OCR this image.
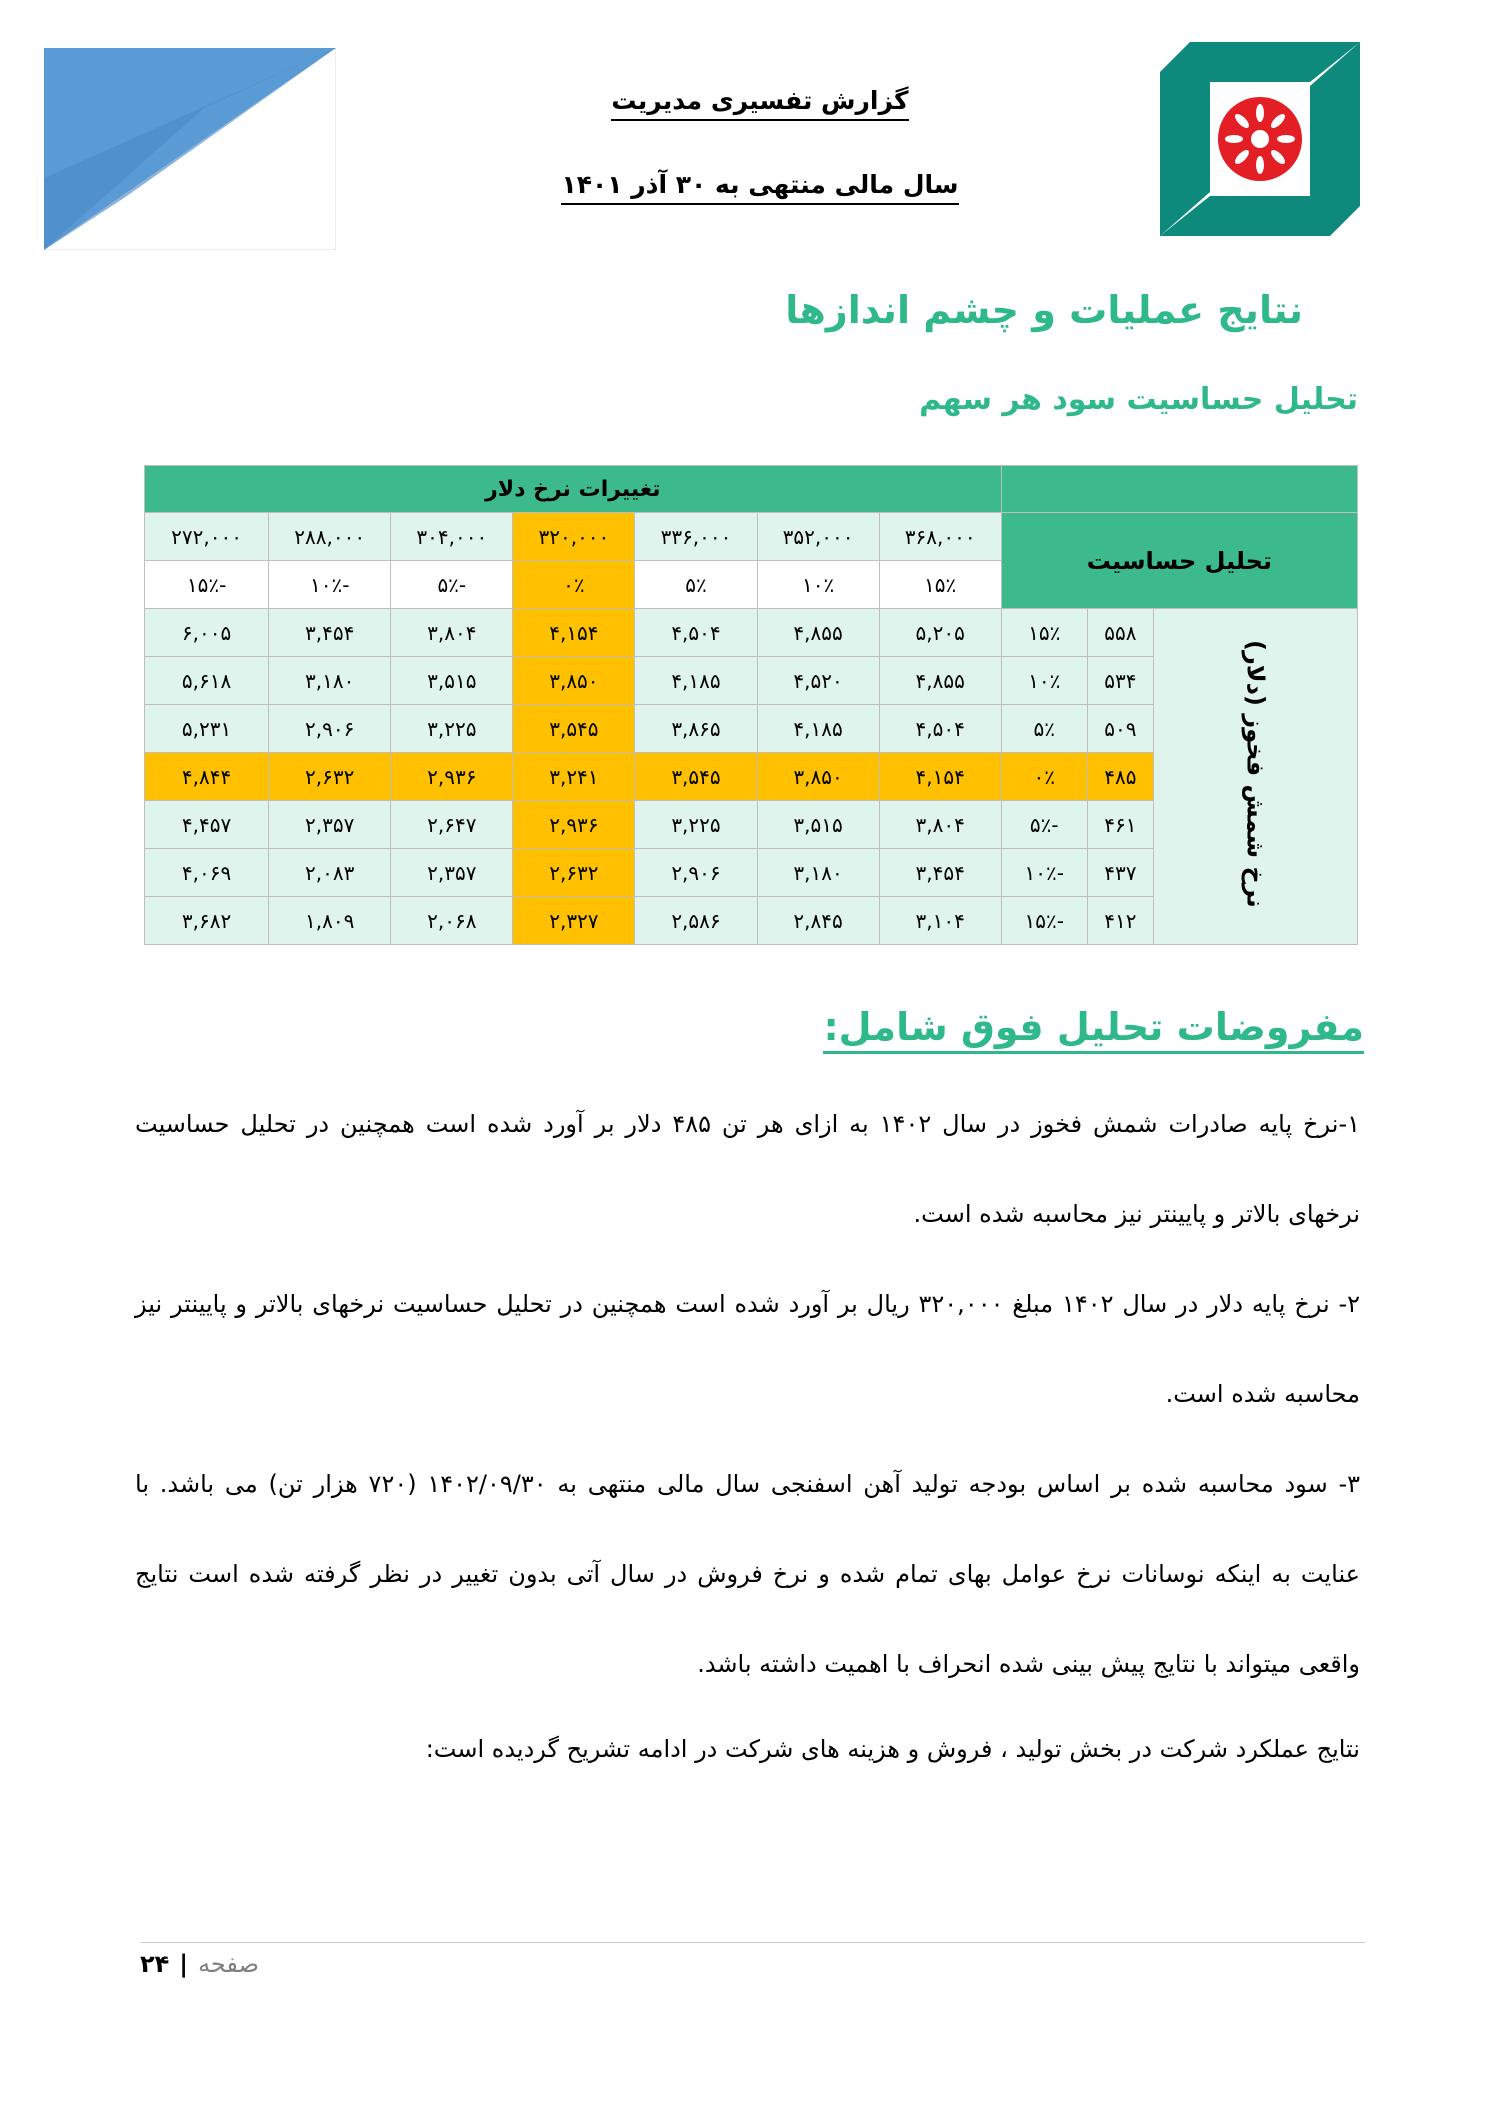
گزارش تفسیری مدیریت
سال مالی منتهی به ۳۰ آذر ۱۴۰۱
نتایج عملیات و چشم اندازها
تحلیل حساسیت سود هر سهم
			تغییرات نرخ دلار						
تحلیل حساسیت			۳۶۸,۰۰۰	۳۵۲,۰۰۰	۳۳۶,۰۰۰	۳۲۰,۰۰۰	۳۰۴,۰۰۰	۲۸۸,۰۰۰	۲۷۲,۰۰۰
			۱۵٪	۱۰٪	۵٪	۰٪	-۵٪	-۱۰٪	-۱۵٪
نرخ شمش فخوز (دلار)	۵۵۸	۱۵٪	۵,۲۰۵	۴,۸۵۵	۴,۵۰۴	۴,۱۵۴	۳,۸۰۴	۳,۴۵۴	۶,۰۰۵
	۵۳۴	۱۰٪	۴,۸۵۵	۴,۵۲۰	۴,۱۸۵	۳,۸۵۰	۳,۵۱۵	۳,۱۸۰	۵,۶۱۸
	۵۰۹	۵٪	۴,۵۰۴	۴,۱۸۵	۳,۸۶۵	۳,۵۴۵	۳,۲۲۵	۲,۹۰۶	۵,۲۳۱
	۴۸۵	۰٪	۴,۱۵۴	۳,۸۵۰	۳,۵۴۵	۳,۲۴۱	۲,۹۳۶	۲,۶۳۲	۴,۸۴۴
	۴۶۱	-۵٪	۳,۸۰۴	۳,۵۱۵	۳,۲۲۵	۲,۹۳۶	۲,۶۴۷	۲,۳۵۷	۴,۴۵۷
	۴۳۷	-۱۰٪	۳,۴۵۴	۳,۱۸۰	۲,۹۰۶	۲,۶۳۲	۲,۳۵۷	۲,۰۸۳	۴,۰۶۹
	۴۱۲	-۱۵٪	۳,۱۰۴	۲,۸۴۵	۲,۵۸۶	۲,۳۲۷	۲,۰۶۸	۱,۸۰۹	۳,۶۸۲
مفروضات تحلیل فوق شامل:

۱-نرخ پایه صادرات شمش فخوز در سال ۱۴۰۲ به ازای هر تن ۴۸۵ دلار بر آورد شده است همچنین در تحلیل حساسیت نرخهای بالاتر و پایینتر نیز محاسبه شده است.

۲- نرخ پایه دلار در سال ۱۴۰۲ مبلغ ۳۲۰,۰۰۰ ریال بر آورد شده است همچنین در تحلیل حساسیت نرخهای بالاتر و پایینتر نیز محاسبه شده است.

۳- سود محاسبه شده بر اساس بودجه تولید آهن اسفنجی سال مالی منتهی به ۱۴۰۲/۰۹/۳۰ (۷۲۰ هزار تن) می باشد. با عنایت به اینکه نوسانات نرخ عوامل بهای تمام شده و نرخ فروش در سال آتی بدون تغییر در نظر گرفته شده است نتایج واقعی میتواند با نتایج پیش بینی شده انحراف با اهمیت داشته باشد.

نتایج عملکرد شرکت در بخش تولید ، فروش و هزینه های شرکت در ادامه تشریح گردیده است:

۲۴ | صفحه
